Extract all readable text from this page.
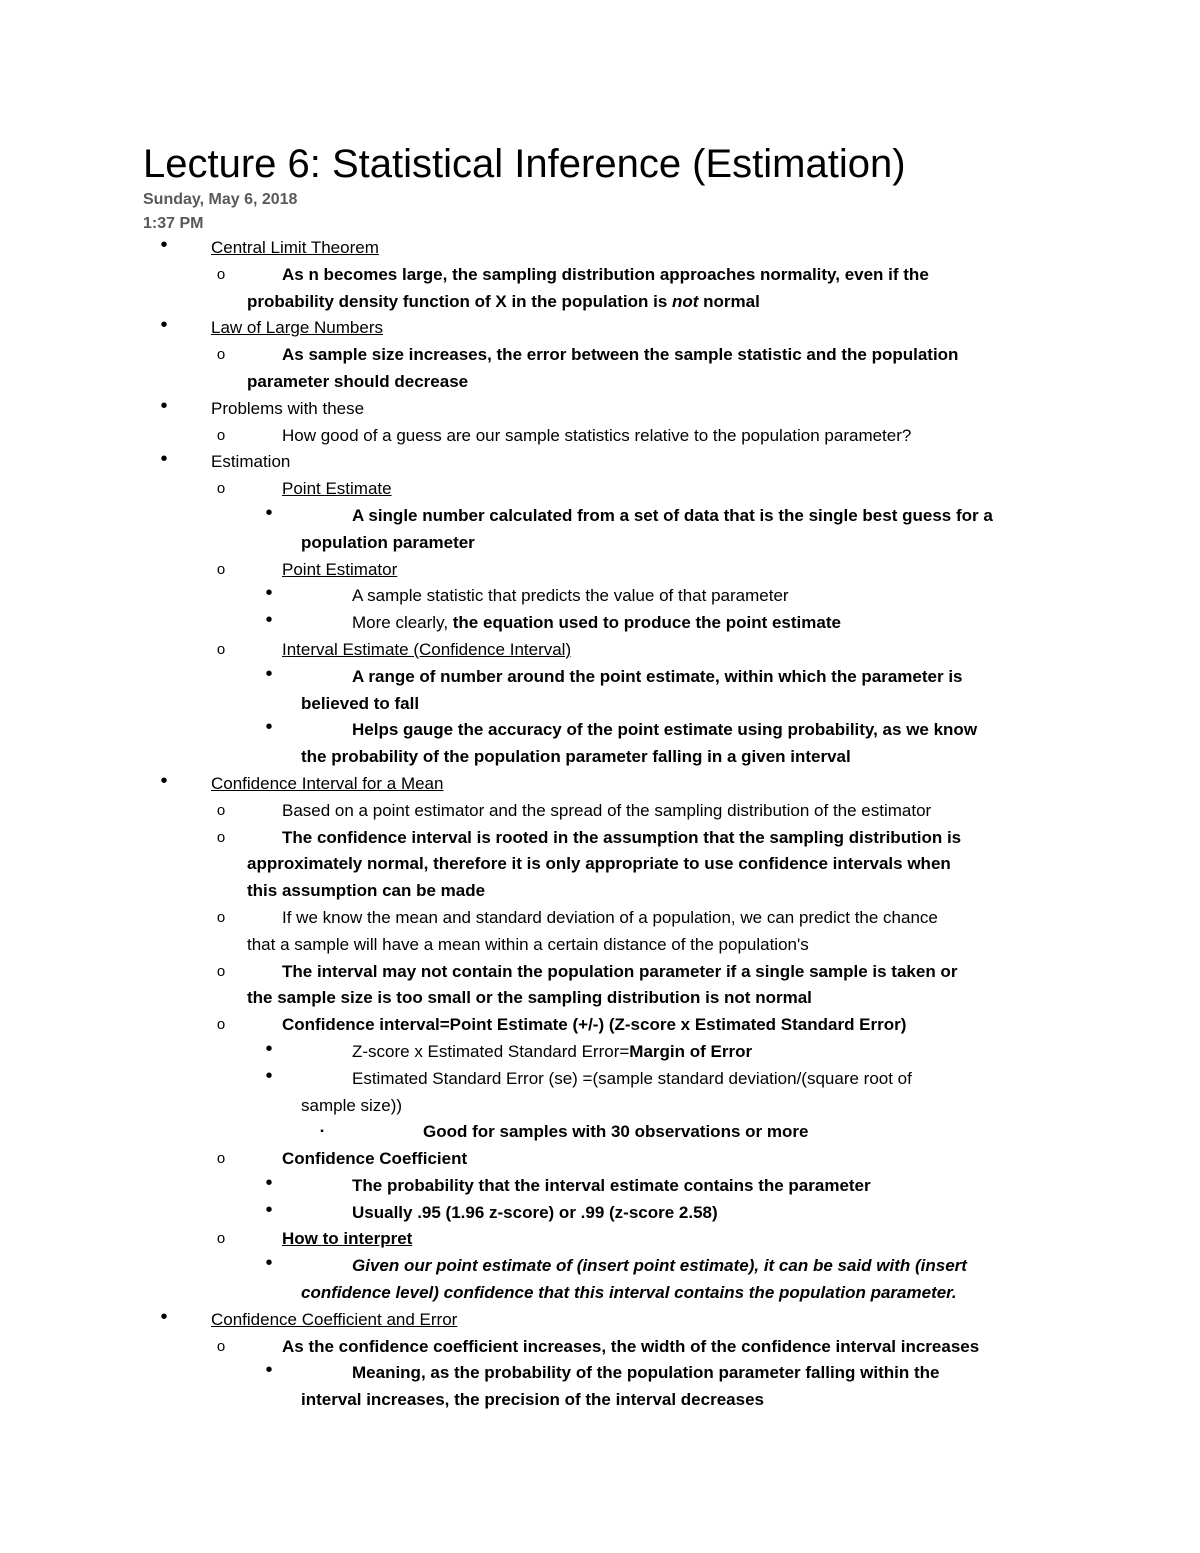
Lecture 6: Statistical Inference (Estimation)
Sunday, May 6, 2018
1:37 PM
•	Central Limit Theorem
o	As n becomes large, the sampling distribution approaches normality, even if the
probability density function of X in the population is not normal
•	Law of Large Numbers
o	As sample size increases, the error between the sample statistic and the population
parameter should decrease
•	Problems with these
o	How good of a guess are our sample statistics relative to the population parameter?
•	Estimation
o	Point Estimate
•	A single number calculated from a set of data that is the single best guess for a
population parameter
o	Point Estimator
•	A sample statistic that predicts the value of that parameter
•	More clearly, the equation used to produce the point estimate
o	Interval Estimate (Confidence Interval)
•	A range of number around the point estimate, within which the parameter is
believed to fall
•	Helps gauge the accuracy of the point estimate using probability, as we know
the probability of the population parameter falling in a given interval
•	Confidence Interval for a Mean
o	Based on a point estimator and the spread of the sampling distribution of the estimator
o	The confidence interval is rooted in the assumption that the sampling distribution is
approximately normal, therefore it is only appropriate to use confidence intervals when
this assumption can be made
o	If we know the mean and standard deviation of a population, we can predict the chance
that a sample will have a mean within a certain distance of the population's
o	The interval may not contain the population parameter if a single sample is taken or
the sample size is too small or the sampling distribution is not normal
o	Confidence interval=Point Estimate (+/-) (Z-score x Estimated Standard Error)
•	Z-score x Estimated Standard Error=Margin of Error
•	Estimated Standard Error (se) =(sample standard deviation/(square root of
sample size))
▪	Good for samples with 30 observations or more
o	Confidence Coefficient
•	The probability that the interval estimate contains the parameter
•	Usually .95 (1.96 z-score) or .99 (z-score 2.58)
o	How to interpret
•	Given our point estimate of (insert point estimate), it can be said with (insert
confidence level) confidence that this interval contains the population parameter.
•	Confidence Coefficient and Error
o	As the confidence coefficient increases, the width of the confidence interval increases
•	Meaning, as the probability of the population parameter falling within the
interval increases, the precision of the interval decreases
